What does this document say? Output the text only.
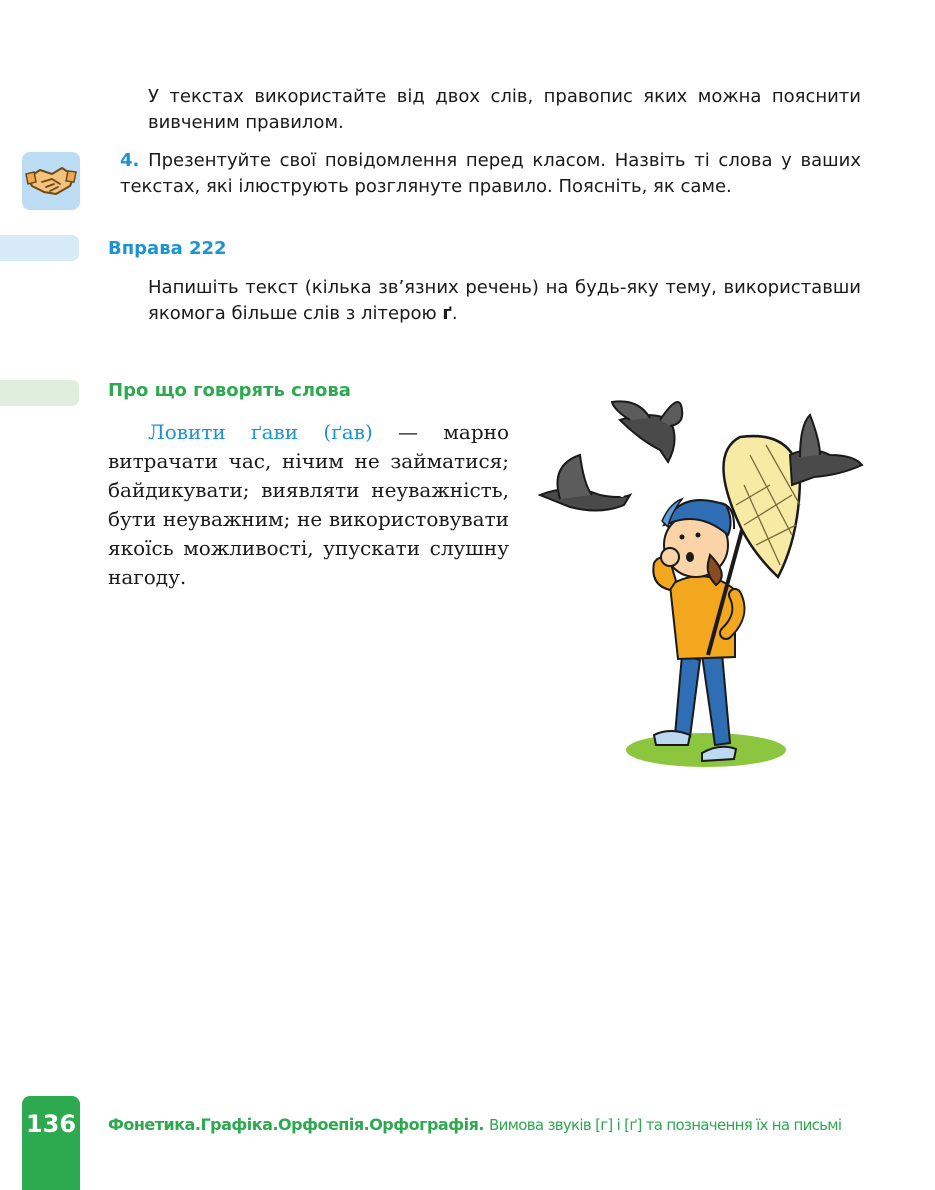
У текстах використайте від двох слів, правопис яких можна пояснити вивченим правилом.
4. Презентуйте свої повідомлення перед класом. Назвіть ті слова у ваших текстах, які ілюструють розглянуте правило. Поясніть, як саме.
Вправа 222
Напишіть текст (кілька зв’язних речень) на будь-яку тему, використавши якомога більше слів з літерою ґ.
Про що говорять слова
Ловити ґави (ґав) — марно витрачати час, нічим не займатися; байдикувати; виявляти неуважність, бути неуважним; не використовувати якоїсь можливості, упускати слушну нагоду.
136 Фонетика.Графіка.Орфоепія.Орфографія. Вимова звуків [г] і [ґ] та позначення їх на письмі
